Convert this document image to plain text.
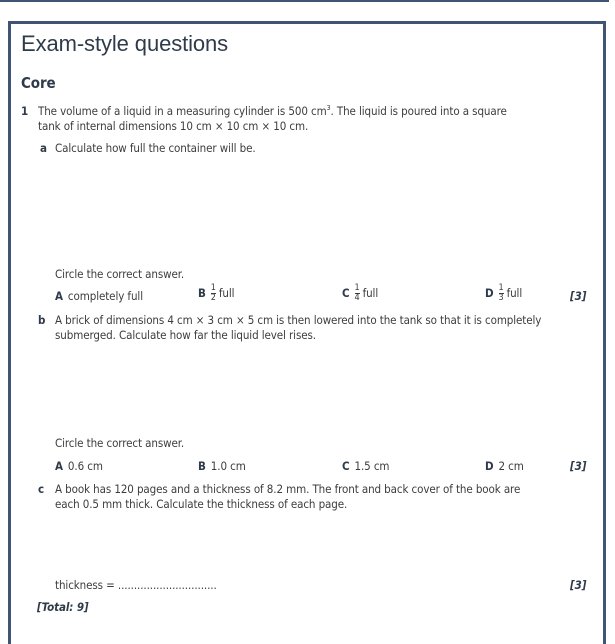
Exam-style questions
Core
1 The volume of a liquid in a measuring cylinder is 500 $cm^3$. The liquid is poured into a square
tank of internal dimensions 10 cm × 10 cm × 10 cm.
a Calculate how full the container will be.
Circle the correct answer.
A completely full	B $\frac{1}{2}$ full	C $\frac{1}{4}$ full	D $\frac{1}{3}$ full	[3]
b A brick of dimensions 4 cm × 3 cm × 5 cm is then lowered into the tank so that it is completely
submerged. Calculate how far the liquid level rises.
Circle the correct answer.
A 0.6 cm	B 1.0 cm	C 1.5 cm	D 2 cm	[3]
c A book has 120 pages and a thickness of 8.2 mm. The front and back cover of the book are
each 0.5 mm thick. Calculate the thickness of each page.
thickness = ...............................	[3]
[Total: 9]
